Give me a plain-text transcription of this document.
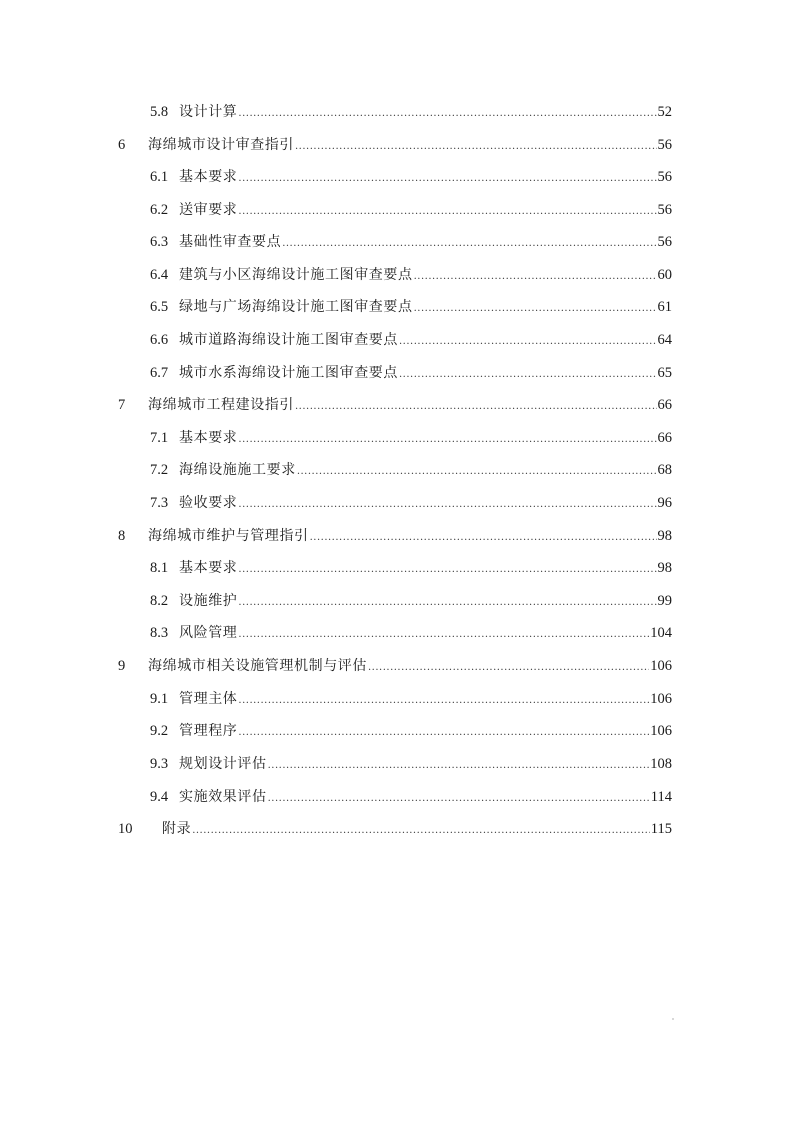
5.8 设计计算 .....	52
6	海绵城市设计审查指引 .....	56
6.1 基本要求 .....	56
6.2 送审要求 .....	56
6.3 基础性审查要点 .....	56
6.4 建筑与小区海绵设计施工图审查要点 .....	60
6.5 绿地与广场海绵设计施工图审查要点 .....	61
6.6 城市道路海绵设计施工图审查要点 .....	64
6.7 城市水系海绵设计施工图审查要点 .....	65
7	海绵城市工程建设指引 .....	66
7.1 基本要求 .....	66
7.2 海绵设施施工要求 .....	68
7.3 验收要求 .....	96
8	海绵城市维护与管理指引 .....	98
8.1 基本要求 .....	98
8.2 设施维护 .....	99
8.3 风险管理 .....	104
9	海绵城市相关设施管理机制与评估 .....	106
9.1 管理主体 .....	106
9.2 管理程序 .....	106
9.3 规划设计评估 .....	108
9.4 实施效果评估 .....	114
10	附录 .....	115
